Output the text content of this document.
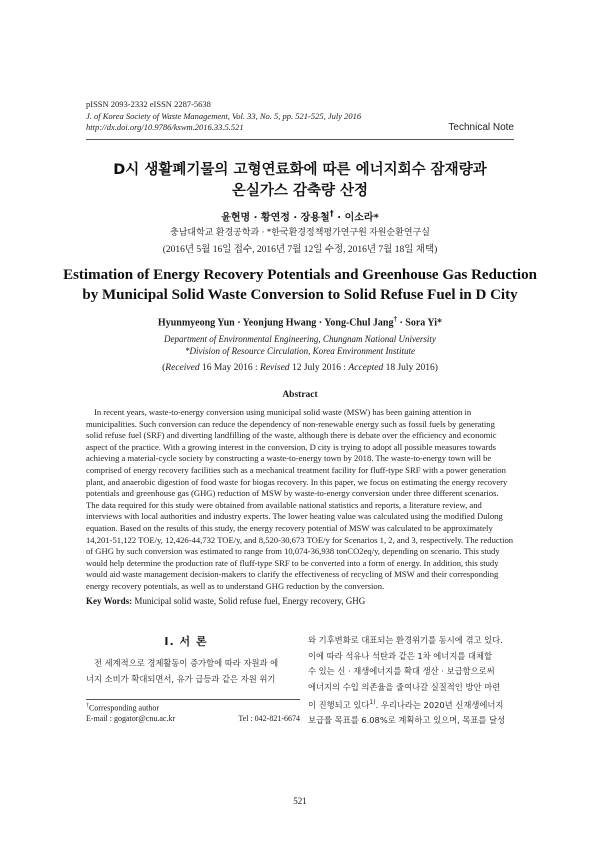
pISSN 2093-2332 eISSN 2287-5638
J. of Korea Society of Waste Management, Vol. 33, No. 5, pp. 521-525, July 2016
http://dx.doi.org/10.9786/kswm.2016.33.5.521	Technical Note
D시 생활폐기물의 고형연료화에 따른 에너지회수 잠재량과
온실가스 감축량 산정
윤현명 · 황연정 · 장용철† · 이소라*
충남대학교 환경공학과 · *한국환경정책평가연구원 자원순환연구실
(2016년 5월 16일 접수, 2016년 7월 12일 수정, 2016년 7월 18일 채택)
Estimation of Energy Recovery Potentials and Greenhouse Gas Reduction
by Municipal Solid Waste Conversion to Solid Refuse Fuel in D City
Hyunmyeong Yun · Yeonjung Hwang · Yong-Chul Jang† · Sora Yi*
Department of Environmental Engineering, Chungnam National University
*Division of Resource Circulation, Korea Environment Institute
(Received 16 May 2016 : Revised 12 July 2016 : Accepted 18 July 2016)
Abstract
In recent years, waste-to-energy conversion using municipal solid waste (MSW) has been gaining attention in
municipalities. Such conversion can reduce the dependency of non-renewable energy such as fossil fuels by generating
solid refuse fuel (SRF) and diverting landfilling of the waste, although there is debate over the efficiency and economic
aspect of the practice. With a growing interest in the conversion, D city is trying to adopt all possible measures towards
achieving a material-cycle society by constructing a waste-to-energy town by 2018. The waste-to-energy town will be
comprised of energy recovery facilities such as a mechanical treatment facility for fluff-type SRF with a power generation
plant, and anaerobic digestion of food waste for biogas recovery. In this paper, we focus on estimating the energy recovery
potentials and greenhouse gas (GHG) reduction of MSW by waste-to-energy conversion under three different scenarios.
The data required for this study were obtained from available national statistics and reports, a literature review, and
interviews with local authorities and industry experts. The lower heating value was calculated using the modified Dulong
equation. Based on the results of this study, the energy recovery potential of MSW was calculated to be approximately
14,201-51,122 TOE/y, 12,426-44,732 TOE/y, and 8,520-30,673 TOE/y for Scenarios 1, 2, and 3, respectively. The reduction
of GHG by such conversion was estimated to range from 10,074-36,938 tonCO2eq/y, depending on scenario. This study
would help determine the production rate of fluff-type SRF to be converted into a form of energy. In addition, this study
would aid waste management decision-makers to clarify the effectiveness of recycling of MSW and their corresponding
energy recovery potentials, as well as to understand GHG reduction by the conversion.
Key Words: Municipal solid waste, Solid refuse fuel, Energy recovery, GHG
I. 서 론
전 세계적으로 경제활동이 증가함에 따라 자원과 에
너지 소비가 확대되면서, 유가 급등과 같은 자원 위기
와 기후변화로 대표되는 환경위기를 동시에 겪고 있다.
이에 따라 석유나 석탄과 같은 1차 에너지를 대체할
수 있는 신 · 재생에너지를 확대 생산 · 보급함으로써
에너지의 수입 의존율을 줄여나갈 실질적인 방안 마련
이 진행되고 있다$^{1)}$. 우리나라는 2020년 신재생에너지
보급률 목표를 6.08%로 계획하고 있으며, 목표를 달성
†Corresponding author
E-mail : gogator@cnu.ac.kr	Tel : 042-821-6674
521
